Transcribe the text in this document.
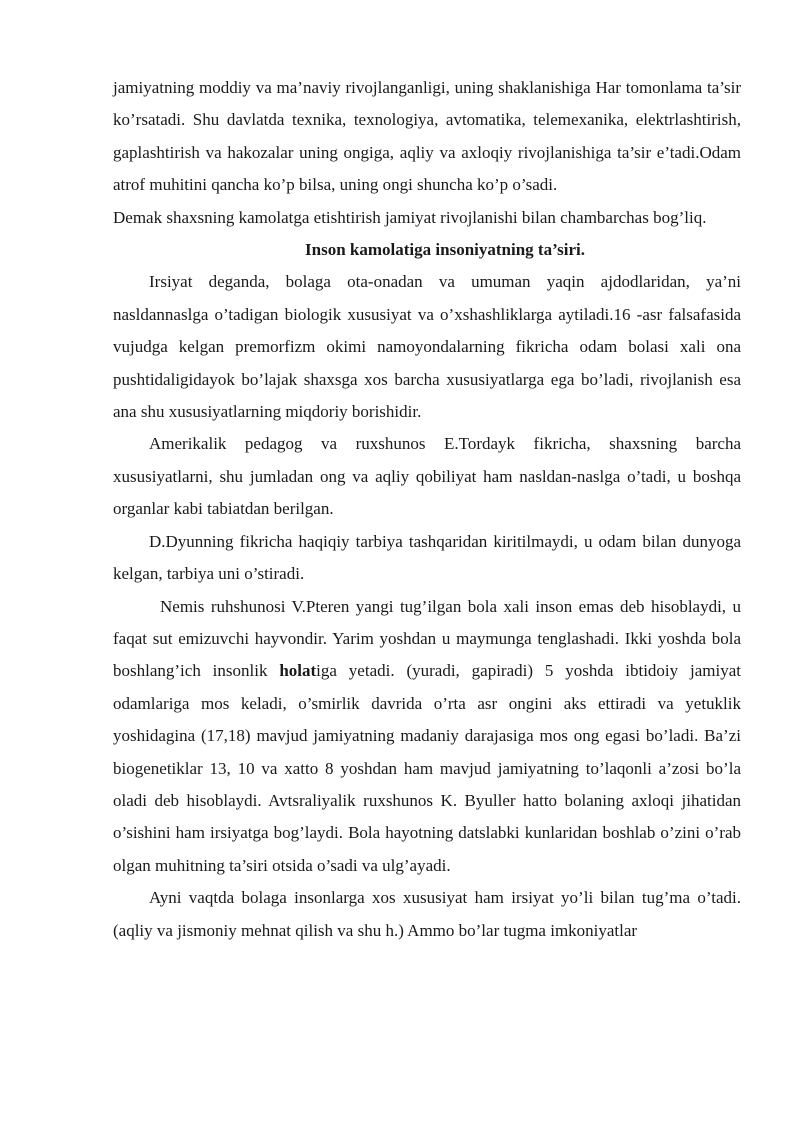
jamiyatning moddiy va ma’naviy rivojlanganligi, uning shaklanishiga Har tomonlama ta’sir ko’rsatadi. Shu davlatda texnika, texnologiya, avtomatika, telemexanika, elektrlashtirish, gaplashtirish va hakozalar uning ongiga, aqliy va axloqiy rivojlanishiga ta’sir e’tadi.Odam atrof muhitini qancha ko’p bilsa, uning ongi shuncha ko’p o’sadi.

Demak shaxsning kamolatga etishtirish jamiyat rivojlanishi bilan chambarchas bog’liq.

Inson kamolatiga insoniyatning ta’siri.

Irsiyat deganda, bolaga ota-onadan va umuman yaqin ajdodlaridan, ya’ni nasldannaslga o’tadigan biologik xususiyat va o’xshashliklarga aytiladi.16 -asr falsafasida vujudga kelgan premorfizm okimi namoyondalarning fikricha odam bolasi xali ona pushtidaligidayok bo’lajak shaxsga xos barcha xususiyatlarga ega bo’ladi, rivojlanish esa ana shu xususiyatlarning miqdoriy borishidir.

Amerikalik pedagog va ruxshunos E.Tordayk fikricha, shaxsning barcha xususiyatlarni, shu jumladan ong va aqliy qobiliyat ham nasldan-naslga o’tadi, u boshqa organlar kabi tabiatdan berilgan.

D.Dyunning fikricha haqiqiy tarbiya tashqaridan kiritilmaydi, u odam bilan dunyoga kelgan, tarbiya uni o’stiradi.

Nemis ruhshunosi V.Pteren yangi tug’ilgan bola xali inson emas deb hisoblaydi, u faqat sut emizuvchi hayvondir. Yarim yoshdan u maymunga tenglashadi. Ikki yoshda bola boshlang’ich insonlik holatiga yetadi. (yuradi, gapiradi) 5 yoshda ibtidoiy jamiyat odamlariga mos keladi, o’smirlik davrida o’rta asr ongini aks ettiradi va yetuklik yoshidagina (17,18) mavjud jamiyatning madaniy darajasiga mos ong egasi bo’ladi. Ba’zi biogenetiklar 13, 10 va xatto 8 yoshdan ham mavjud jamiyatning to’laqonli a’zosi bo’la oladi deb hisoblaydi. Avtsraliyalik ruxshunos K. Byuller hatto bolaning axloqi jihatidan o’sishini ham irsiyatga bog’laydi. Bola hayotning datslabki kunlaridan boshlab o’zini o’rab olgan muhitning ta’siri otsida o’sadi va ulg’ayadi.

Ayni vaqtda bolaga insonlarga xos xususiyat ham irsiyat yo’li bilan tug’ma o’tadi. (aqliy va jismoniy mehnat qilish va shu h.) Ammo bo’lar tugma imkoniyatlar
